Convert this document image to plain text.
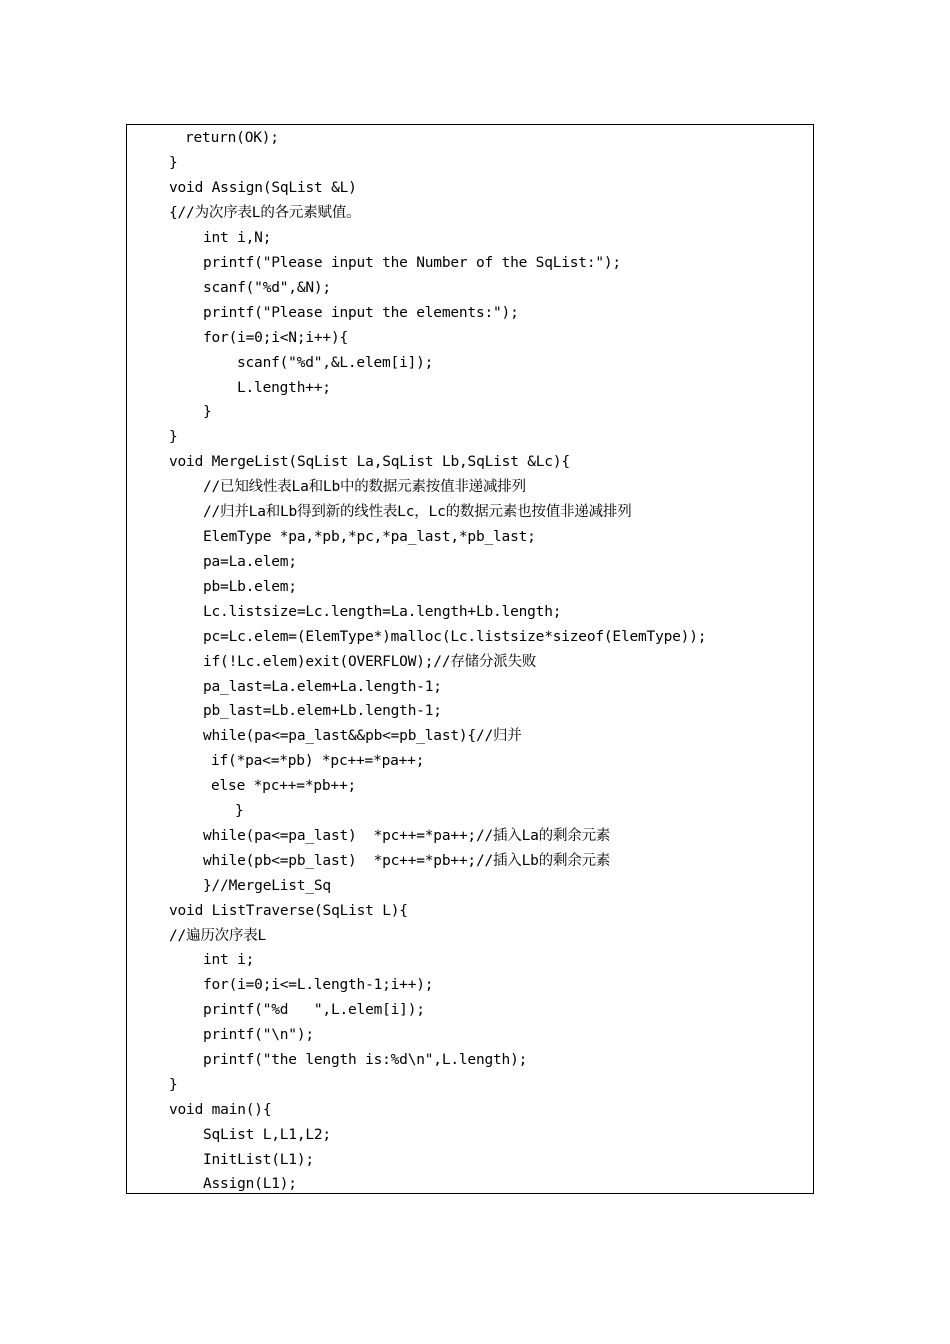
return(OK);
}
void Assign(SqList &L)
{//为次序表L的各元素赋值。
int i,N;
printf("Please input the Number of the SqList:");
scanf("%d",&N);
printf("Please input the elements:");
for(i=0;i<N;i++){
scanf("%d",&L.elem[i]);
L.length++;
}
}
void MergeList(SqList La,SqList Lb,SqList &Lc){
//已知线性表La和Lb中的数据元素按值非递减排列
//归并La和Lb得到新的线性表Lc，Lc的数据元素也按值非递减排列
ElemType *pa,*pb,*pc,*pa_last,*pb_last;
pa=La.elem;
pb=Lb.elem;
Lc.listsize=Lc.length=La.length+Lb.length;
pc=Lc.elem=(ElemType*)malloc(Lc.listsize*sizeof(ElemType));
if(!Lc.elem)exit(OVERFLOW);//存储分派失败
pa_last=La.elem+La.length-1;
pb_last=Lb.elem+Lb.length-1;
while(pa<=pa_last&&pb<=pb_last){//归并
if(*pa<=*pb) *pc++=*pa++;
else *pc++=*pb++;
}
while(pa<=pa_last)  *pc++=*pa++;//插入La的剩余元素
while(pb<=pb_last)  *pc++=*pb++;//插入Lb的剩余元素
}//MergeList_Sq
void ListTraverse(SqList L){
//遍历次序表L
int i;
for(i=0;i<=L.length-1;i++);
printf("%d   ",L.elem[i]);
printf("\n");
printf("the length is:%d\n",L.length);
}
void main(){
SqList L,L1,L2;
InitList(L1);
Assign(L1);
